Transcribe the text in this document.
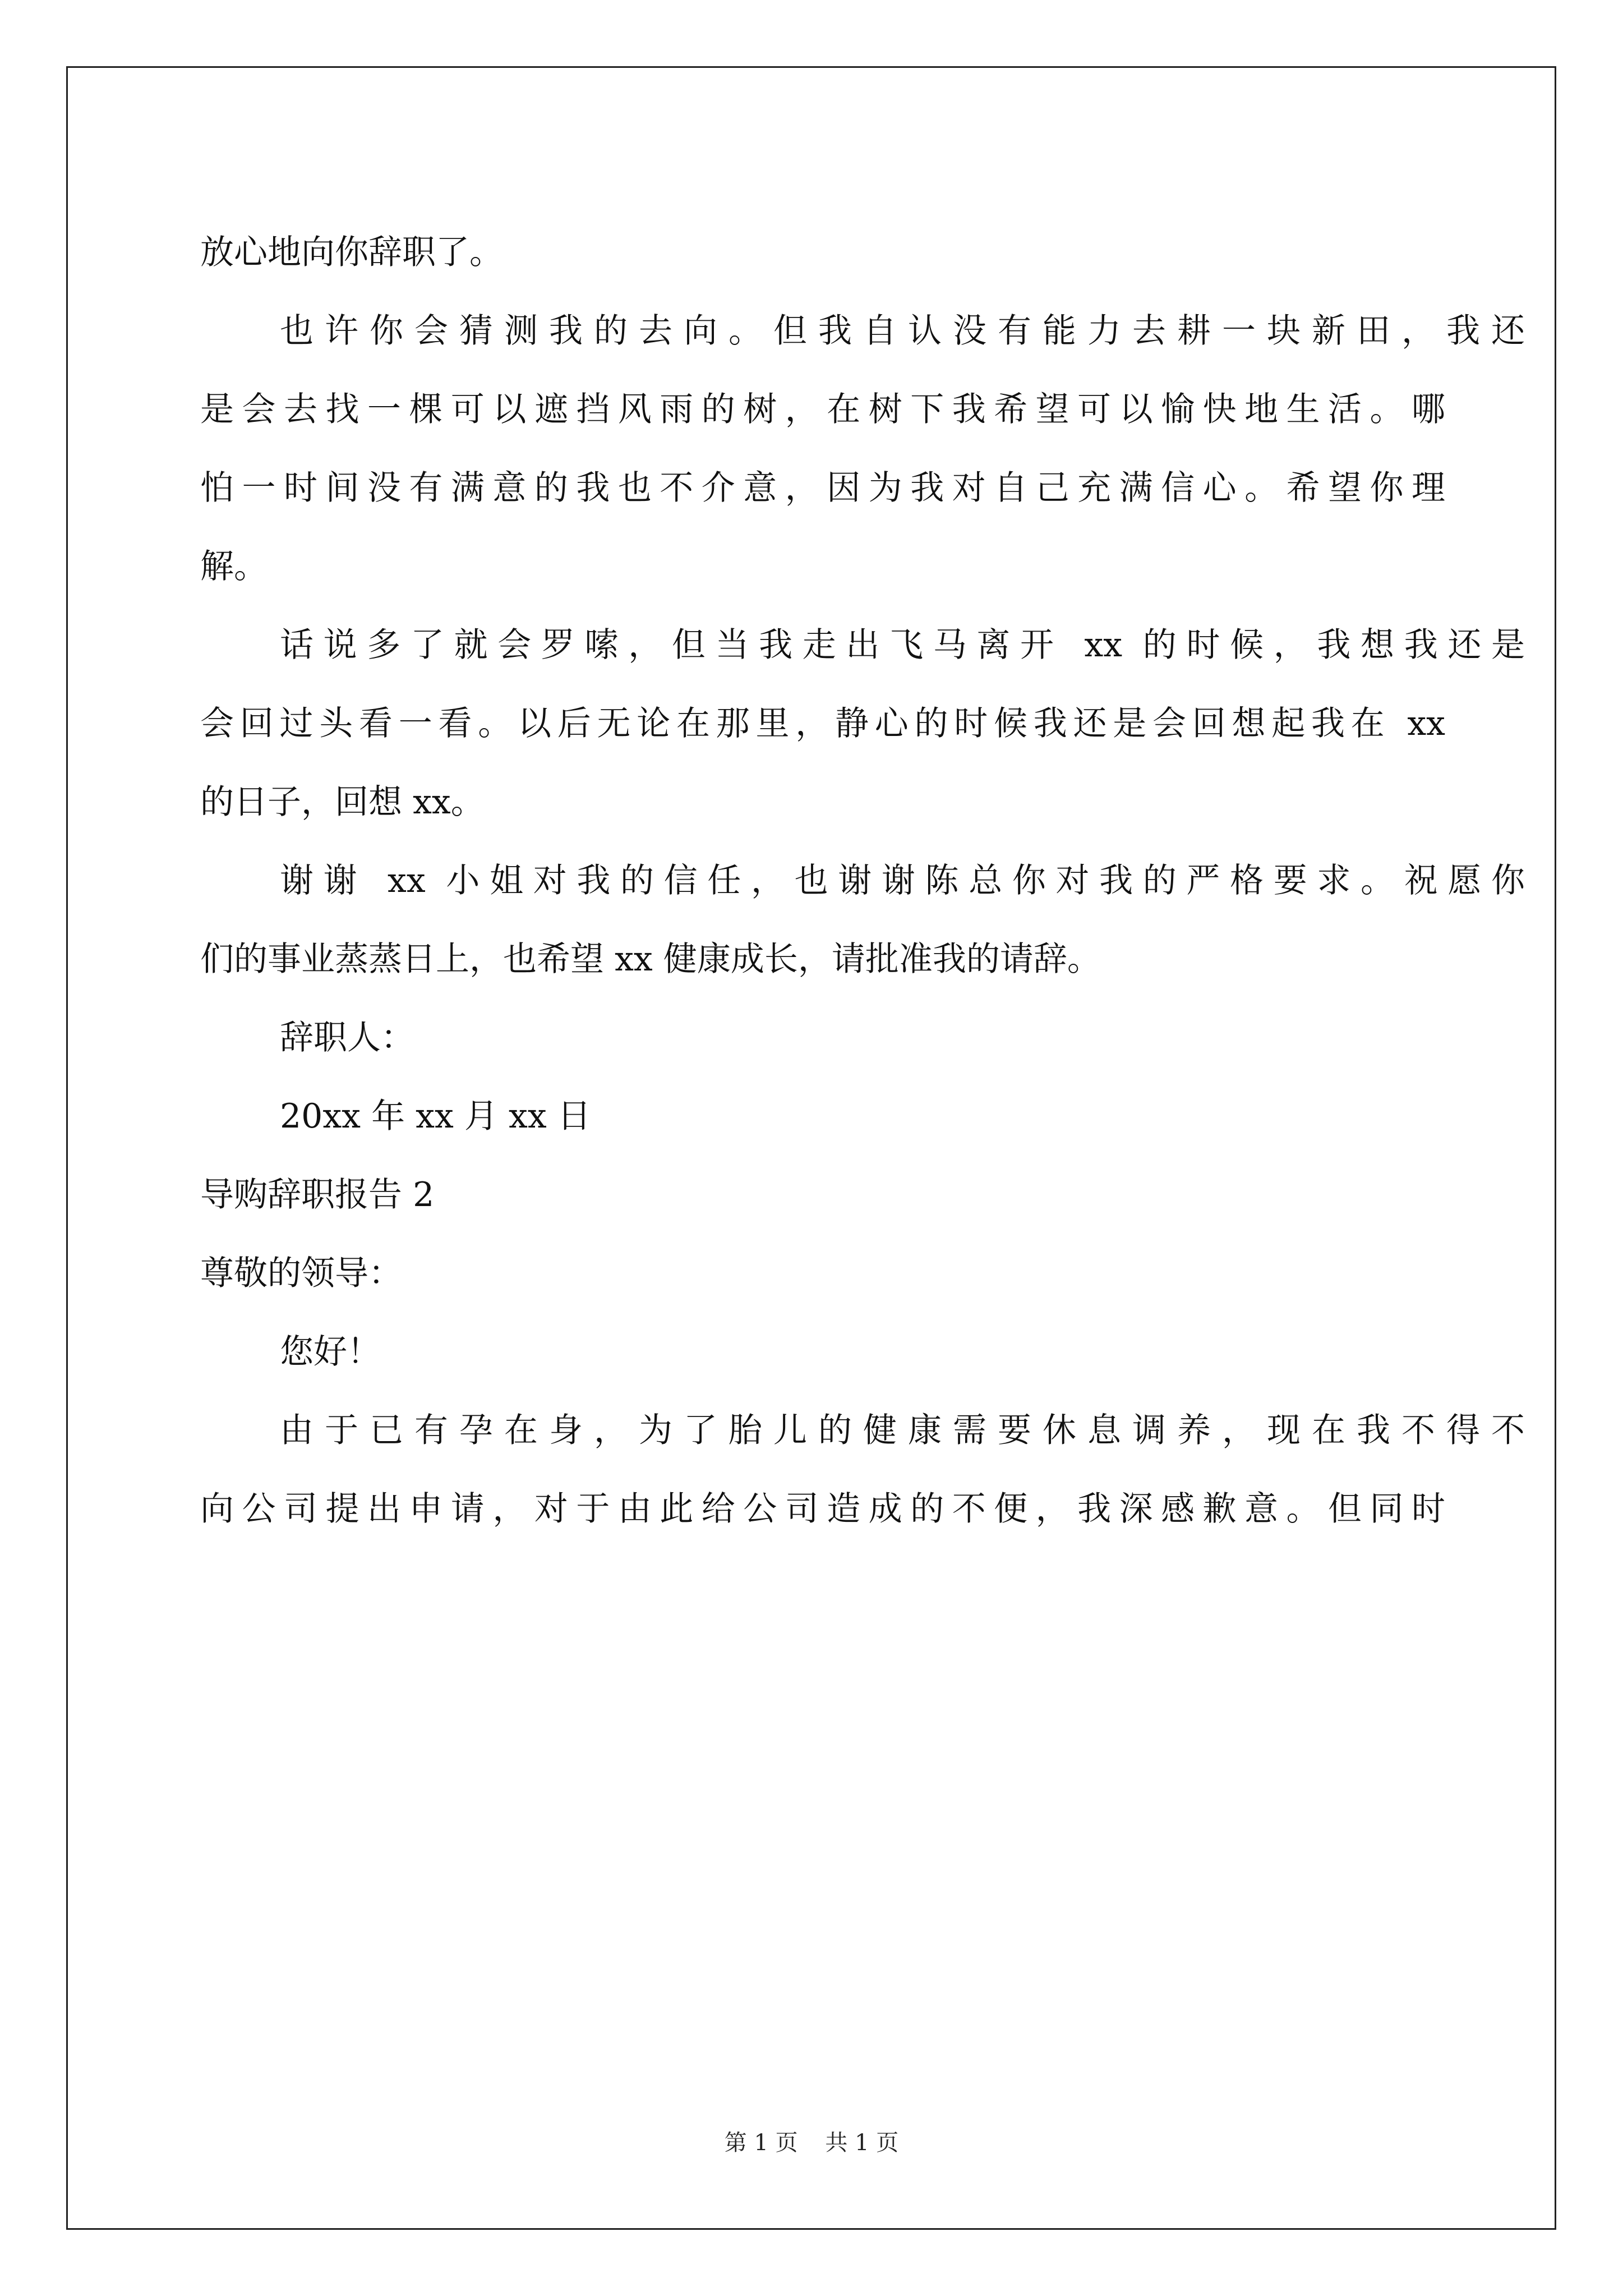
放心地向你辞职了。

也许你会猜测我的去向。但我自认没有能力去耕一块新田，我还

是会去找一棵可以遮挡风雨的树，在树下我希望可以愉快地生活。哪

怕一时间没有满意的我也不介意，因为我对自己充满信心。希望你理

解。

话说多了就会罗嗦，但当我走出飞马离开 xx 的时候，我想我还是

会回过头看一看。以后无论在那里，静心的时候我还是会回想起我在 xx

的日子，回想 xx。

谢谢 xx 小姐对我的信任，也谢谢陈总你对我的严格要求。祝愿你

们的事业蒸蒸日上，也希望 xx 健康成长，请批准我的请辞。

辞职人：

20xx 年 xx 月 xx 日

导购辞职报告 2

尊敬的领导：

您好！

由于已有孕在身，为了胎儿的健康需要休息调养，现在我不得不

向公司提出申请，对于由此给公司造成的不便，我深感歉意。但同时

第 1 页 共 1 页
